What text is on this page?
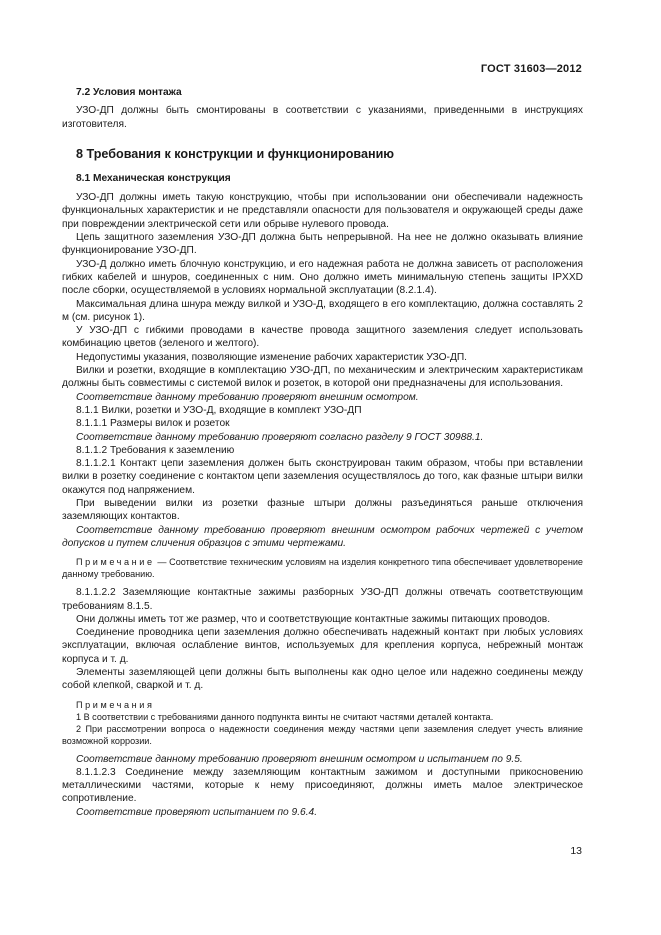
ГОСТ 31603—2012

7.2 Условия монтажа

УЗО-ДП должны быть смонтированы в соответствии с указаниями, приведенными в инструкциях изготовителя.

8 Требования к конструкции и функционированию

8.1 Механическая конструкция

УЗО-ДП должны иметь такую конструкцию, чтобы при использовании они обеспечивали надежность функциональных характеристик и не представляли опасности для пользователя и окружающей среды даже при повреждении электрической сети или обрыве нулевого провода.

Цепь защитного заземления УЗО-ДП должна быть непрерывной. На нее не должно оказывать влияние функционирование УЗО-ДП.

УЗО-Д должно иметь блочную конструкцию, и его надежная работа не должна зависеть от расположения гибких кабелей и шнуров, соединенных с ним. Оно должно иметь минимальную степень защиты IPXXD после сборки, осуществляемой в условиях нормальной эксплуатации (8.2.1.4).

Максимальная длина шнура между вилкой и УЗО-Д, входящего в его комплектацию, должна составлять 2 м (см. рисунок 1).

У УЗО-ДП с гибкими проводами в качестве провода защитного заземления следует использовать комбинацию цветов (зеленого и желтого).

Недопустимы указания, позволяющие изменение рабочих характеристик УЗО-ДП.

Вилки и розетки, входящие в комплектацию УЗО-ДП, по механическим и электрическим характеристикам должны быть совместимы с системой вилок и розеток, в которой они предназначены для использования.

Соответствие данному требованию проверяют внешним осмотром.

8.1.1 Вилки, розетки и УЗО-Д, входящие в комплект УЗО-ДП

8.1.1.1 Размеры вилок и розеток

Соответствие данному требованию проверяют согласно разделу 9 ГОСТ 30988.1.

8.1.1.2 Требования к заземлению

8.1.1.2.1 Контакт цепи заземления должен быть сконструирован таким образом, чтобы при вставлении вилки в розетку соединение с контактом цепи заземления осуществлялось до того, как фазные штыри вилки окажутся под напряжением.

При выведении вилки из розетки фазные штыри должны разъединяться раньше отключения заземляющих контактов.

Соответствие данному требованию проверяют внешним осмотром рабочих чертежей с учетом допусков и путем сличения образцов с этими чертежами.

Примечание — Соответствие техническим условиям на изделия конкретного типа обеспечивает удовлетворение данному требованию.

8.1.1.2.2 Заземляющие контактные зажимы разборных УЗО-ДП должны отвечать соответствующим требованиям 8.1.5.

Они должны иметь тот же размер, что и соответствующие контактные зажимы питающих проводов.

Соединение проводника цепи заземления должно обеспечивать надежный контакт при любых условиях эксплуатации, включая ослабление винтов, используемых для крепления корпуса, небрежный монтаж корпуса и т. д.

Элементы заземляющей цепи должны быть выполнены как одно целое или надежно соединены между собой клепкой, сваркой и т. д.

Примечания

1 В соответствии с требованиями данного подпункта винты не считают частями деталей контакта.

2 При рассмотрении вопроса о надежности соединения между частями цепи заземления следует учесть влияние возможной коррозии.

Соответствие данному требованию проверяют внешним осмотром и испытанием по 9.5.

8.1.1.2.3 Соединение между заземляющим контактным зажимом и доступными прикосновению металлическими частями, которые к нему присоединяют, должны иметь малое электрическое сопротивление.

Соответствие проверяют испытанием по 9.6.4.

13
